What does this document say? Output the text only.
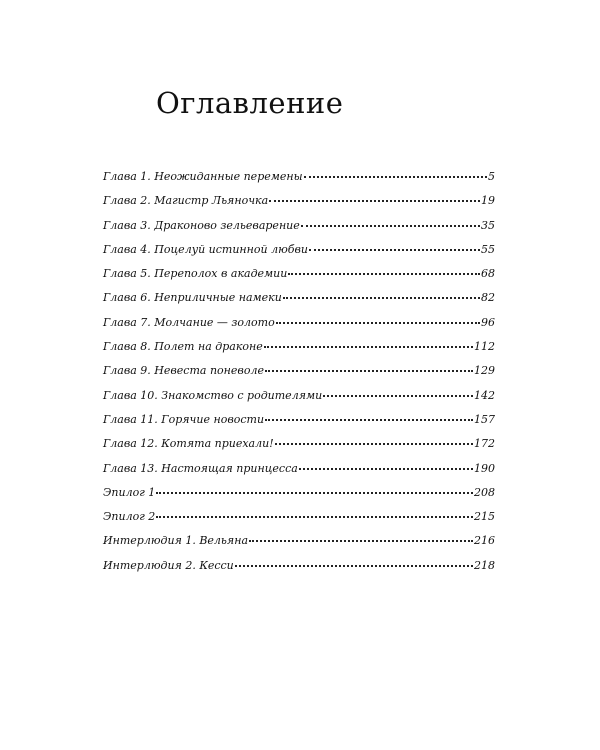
Оглавление
Глава 1. Неожиданные перемены	5
Глава 2. Магистр Льяночка	19
Глава 3. Драконово зельеварение	35
Глава 4. Поцелуй истинной любви	55
Глава 5. Переполох в академии	68
Глава 6. Неприличные намеки	82
Глава 7. Молчание — золото	96
Глава 8. Полет на драконе	112
Глава 9. Невеста поневоле	129
Глава 10. Знакомство с родителями	142
Глава 11. Горячие новости	157
Глава 12. Котята приехали!	172
Глава 13. Настоящая принцесса	190
Эпилог 1	208
Эпилог 2	215
Интерлюдия 1. Вельяна	216
Интерлюдия 2. Кесси	218
